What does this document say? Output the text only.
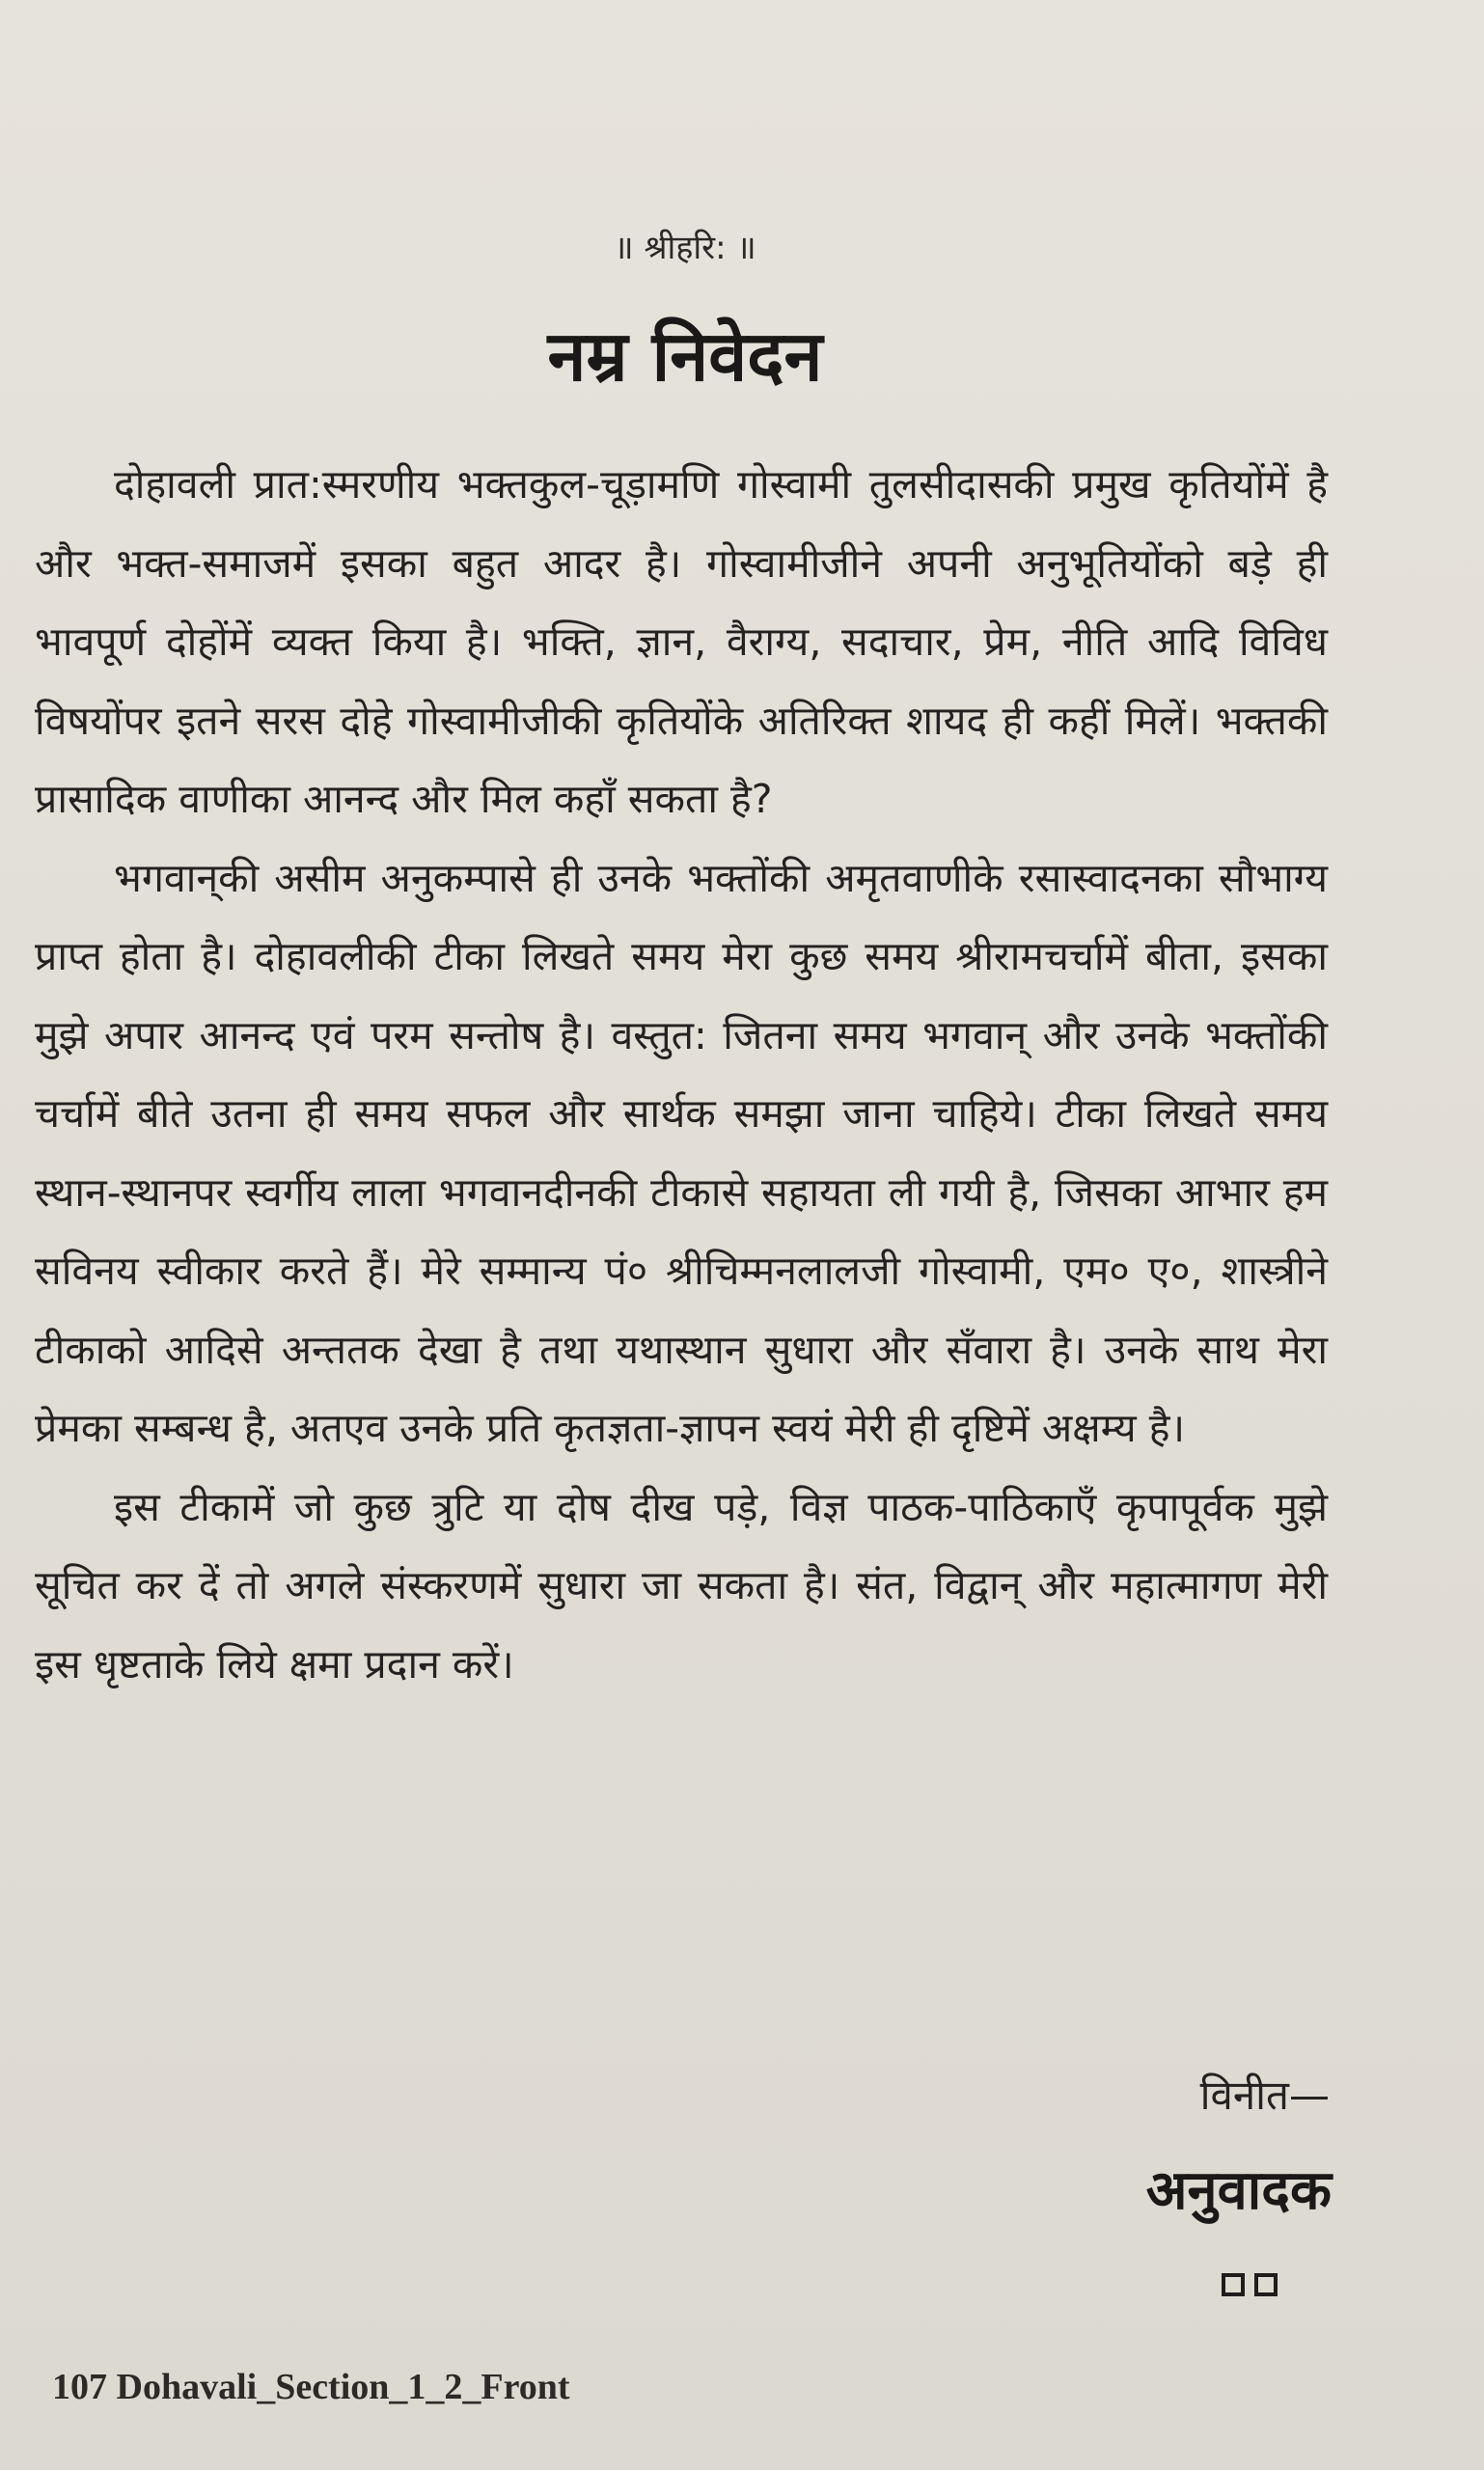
॥ श्रीहरि: ॥
नम्र निवेदन

दोहावली प्रात:स्मरणीय भक्तकुल-चूड़ामणि गोस्वामी तुलसीदासकी प्रमुख कृतियोंमें है और भक्त-समाजमें इसका बहुत आदर है। गोस्वामीजीने अपनी अनुभूतियोंको बड़े ही भावपूर्ण दोहोंमें व्यक्त किया है। भक्ति, ज्ञान, वैराग्य, सदाचार, प्रेम, नीति आदि विविध विषयोंपर इतने सरस दोहे गोस्वामीजीकी कृतियोंके अतिरिक्त शायद ही कहीं मिलें। भक्तकी प्रासादिक वाणीका आनन्द और मिल कहाँ सकता है?

भगवान्‌की असीम अनुकम्पासे ही उनके भक्तोंकी अमृतवाणीके रसास्वादनका सौभाग्य प्राप्त होता है। दोहावलीकी टीका लिखते समय मेरा कुछ समय श्रीरामचर्चामें बीता, इसका मुझे अपार आनन्द एवं परम सन्तोष है। वस्तुत: जितना समय भगवान् और उनके भक्तोंकी चर्चामें बीते उतना ही समय सफल और सार्थक समझा जाना चाहिये। टीका लिखते समय स्थान-स्थानपर स्वर्गीय लाला भगवानदीनकी टीकासे सहायता ली गयी है, जिसका आभार हम सविनय स्वीकार करते हैं। मेरे सम्मान्य पं० श्रीचिम्मनलालजी गोस्वामी, एम० ए०, शास्त्रीने टीकाको आदिसे अन्ततक देखा है तथा यथास्थान सुधारा और सँवारा है। उनके साथ मेरा प्रेमका सम्बन्ध है, अतएव उनके प्रति कृतज्ञता-ज्ञापन स्वयं मेरी ही दृष्टिमें अक्षम्य है।

इस टीकामें जो कुछ त्रुटि या दोष दीख पड़े, विज्ञ पाठक-पाठिकाएँ कृपापूर्वक मुझे सूचित कर दें तो अगले संस्करणमें सुधारा जा सकता है। संत, विद्वान् और महात्मागण मेरी इस धृष्टताके लिये क्षमा प्रदान करें।

विनीत—
अनुवादक
107 Dohavali_Section_1_2_Front
